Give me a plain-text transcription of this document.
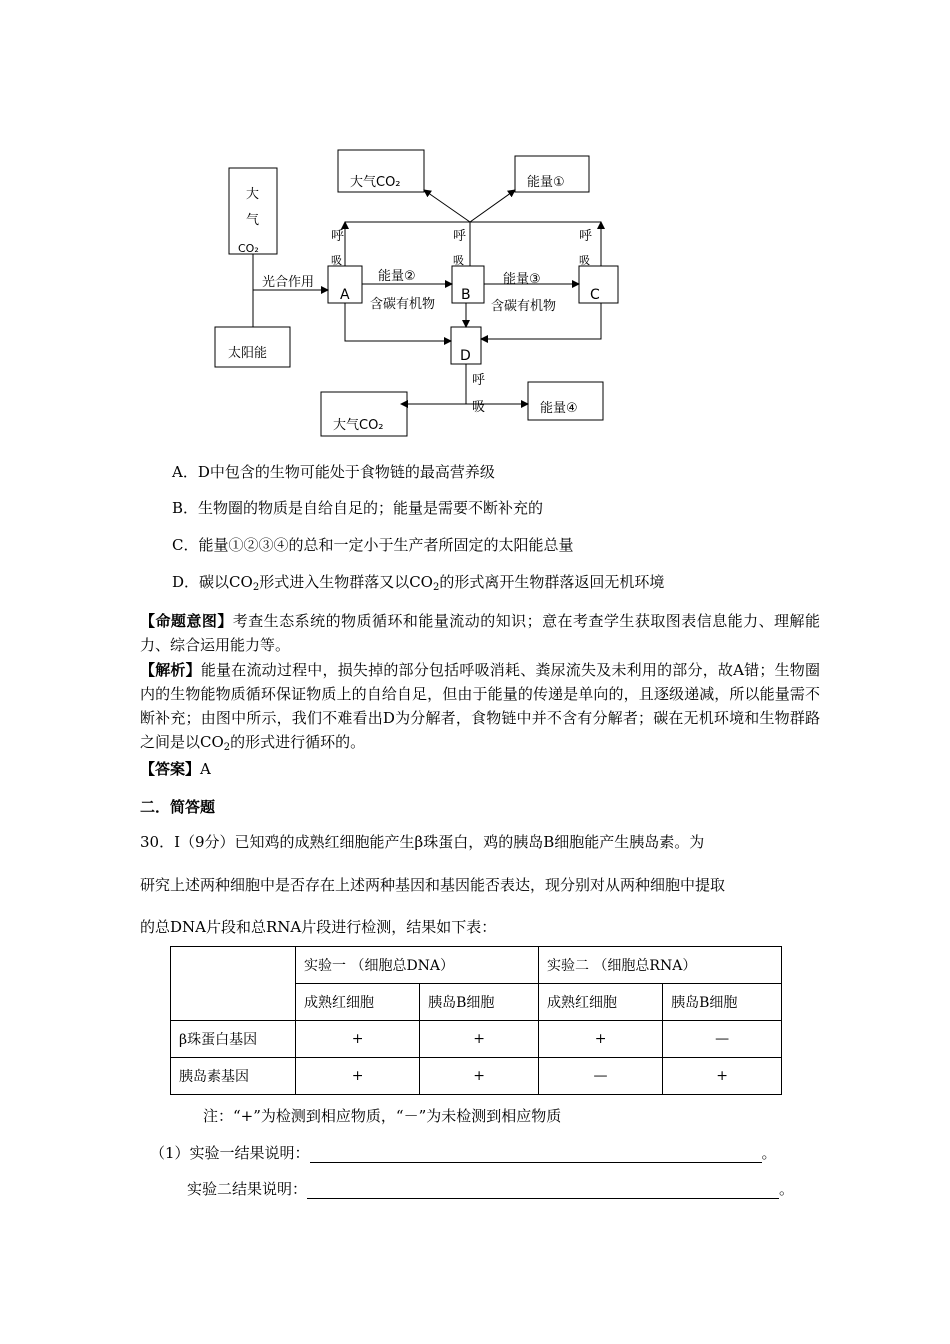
大
气
CO₂
太阳能
大气CO₂	能量①
A	B	C
D
大气CO₂
能量④
光合作用	能量②
含碳有机物
能量③
含碳有机物
呼
吸
呼
吸
呼
吸
呼
吸
A．D中包含的生物可能处于食物链的最高营养级
B．生物圈的物质是自给自足的；能量是需要不断补充的
C．能量①②③④的总和一定小于生产者所固定的太阳能总量
D．碳以$CO_2$形式进入生物群落又以$CO_2$的形式离开生物群落返回无机环境
【命题意图】考查生态系统的物质循环和能量流动的知识；意在考查学生获取图表信息能力、理解能力、综合运用能力等。
【解析】能量在流动过程中，损失掉的部分包括呼吸消耗、粪尿流失及未利用的部分，故A错；生物圈内的生物能物质循环保证物质上的自给自足，但由于能量的传递是单向的，且逐级递减，所以能量需不断补充；由图中所示，我们不难看出D为分解者，食物链中并不含有分解者；碳在无机环境和生物群路之间是以$CO_2$的形式进行循环的。
【答案】A
二．简答题
30．Ⅰ（9分）已知鸡的成熟红细胞能产生β珠蛋白，鸡的胰岛B细胞能产生胰岛素。为
研究上述两种细胞中是否存在上述两种基因和基因能否表达，现分别对从两种细胞中提取
的总DNA片段和总RNA片段进行检测，结果如下表：
	实验一 （细胞总DNA）		实验二 （细胞总RNA）	
	成熟红细胞	胰岛B细胞	成熟红细胞	胰岛B细胞
β珠蛋白基因	+	+	+	—
胰岛素基因	+	+	—	+
注：“+”为检测到相应物质，“－”为未检测到相应物质
（1）实验一结果说明：	。
实验二结果说明：	。
